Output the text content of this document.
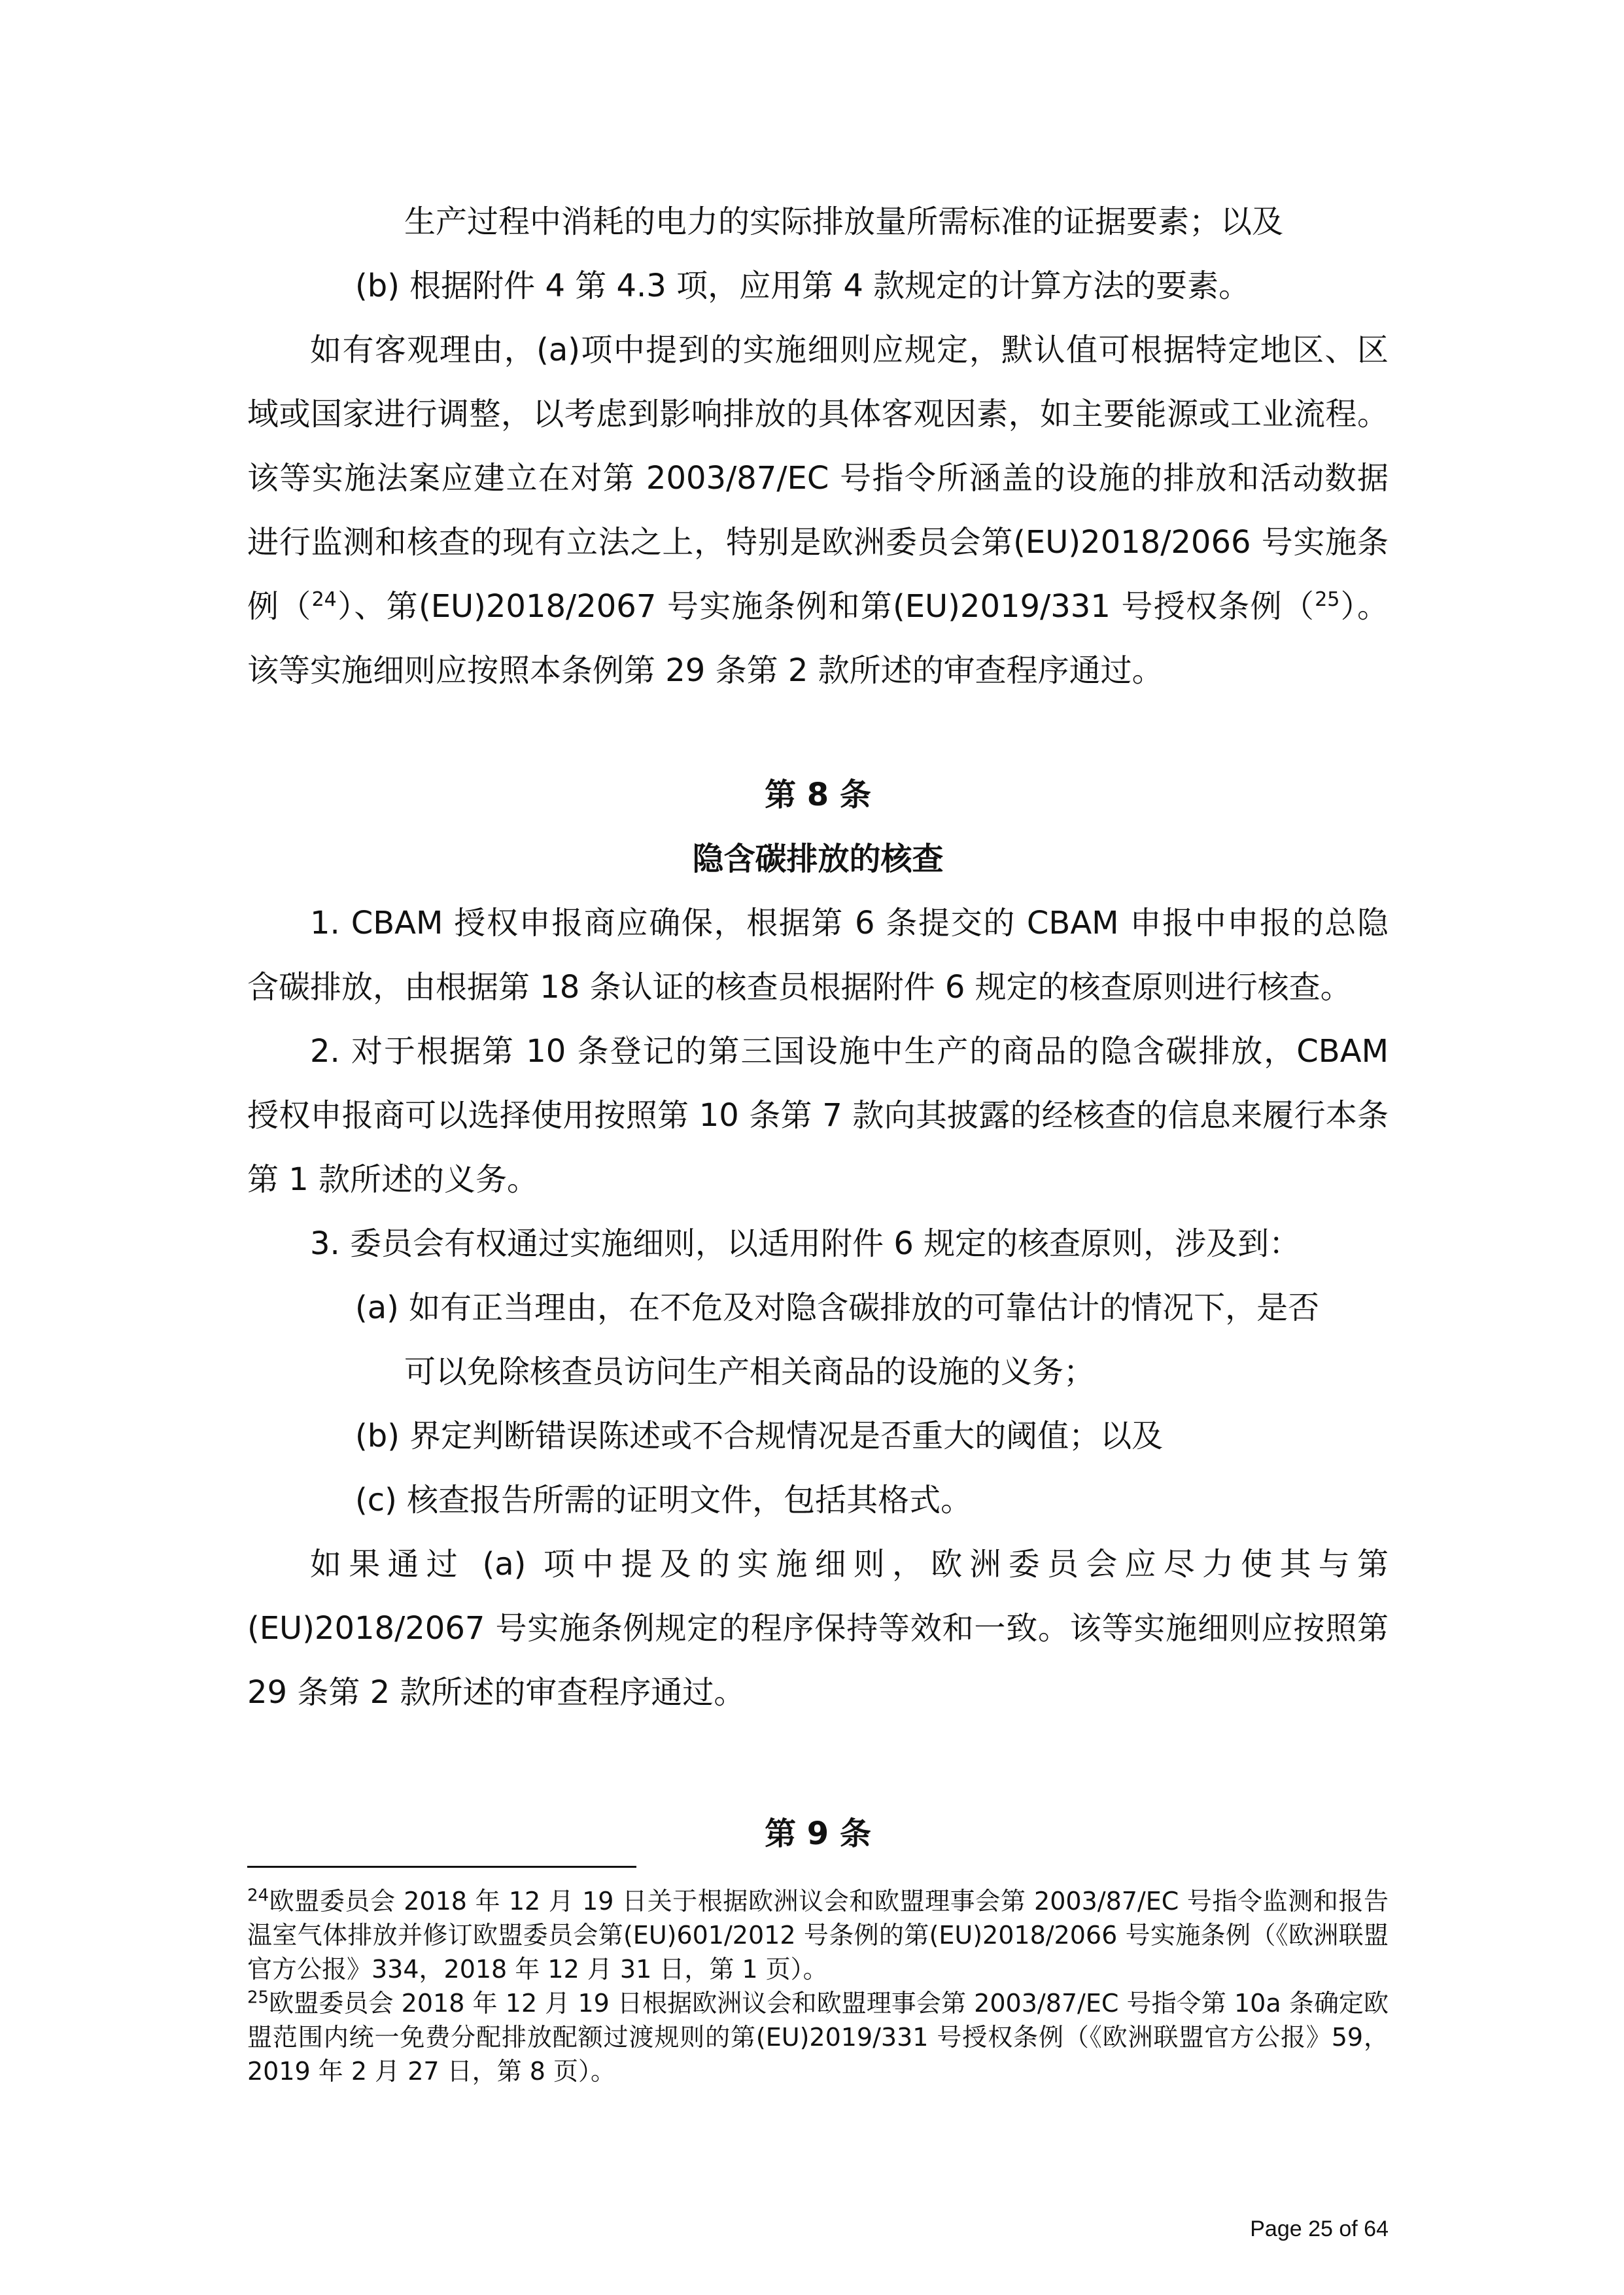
生产过程中消耗的电力的实际排放量所需标准的证据要素；以及

(b) 根据附件 4 第 4.3 项，应用第 4 款规定的计算方法的要素。

如有客观理由，(a)项中提到的实施细则应规定，默认值可根据特定地区、区域或国家进行调整，以考虑到影响排放的具体客观因素，如主要能源或工业流程。该等实施法案应建立在对第 2003/87/EC 号指令所涵盖的设施的排放和活动数据进行监测和核查的现有立法之上，特别是欧洲委员会第(EU)2018/2066 号实施条例（$^{24}$）、第(EU)2018/2067 号实施条例和第(EU)2019/331 号授权条例（$^{25}$）。该等实施细则应按照本条例第 29 条第 2 款所述的审查程序通过。

第 8 条

隐含碳排放的核查

1. CBAM 授权申报商应确保，根据第 6 条提交的 CBAM 申报中申报的总隐含碳排放，由根据第 18 条认证的核查员根据附件 6 规定的核查原则进行核查。

2. 对于根据第 10 条登记的第三国设施中生产的商品的隐含碳排放，CBAM 授权申报商可以选择使用按照第 10 条第 7 款向其披露的经核查的信息来履行本条第 1 款所述的义务。

3. 委员会有权通过实施细则，以适用附件 6 规定的核查原则，涉及到：

(a) 如有正当理由，在不危及对隐含碳排放的可靠估计的情况下，是否

可以免除核查员访问生产相关商品的设施的义务；

(b) 界定判断错误陈述或不合规情况是否重大的阈值；以及

(c) 核查报告所需的证明文件，包括其格式。

如果通过 (a) 项中提及的实施细则，欧洲委员会应尽力使其与第(EU)2018/2067 号实施条例规定的程序保持等效和一致。该等实施细则应按照第 29 条第 2 款所述的审查程序通过。

第 9 条

$^{24}$欧盟委员会 2018 年 12 月 19 日关于根据欧洲议会和欧盟理事会第 2003/87/EC 号指令监测和报告温室气体排放并修订欧盟委员会第(EU)601/2012 号条例的第(EU)2018/2066 号实施条例（《欧洲联盟官方公报》334，2018 年 12 月 31 日，第 1 页）。

$^{25}$欧盟委员会 2018 年 12 月 19 日根据欧洲议会和欧盟理事会第 2003/87/EC 号指令第 10a 条确定欧盟范围内统一免费分配排放配额过渡规则的第(EU)2019/331 号授权条例（《欧洲联盟官方公报》59，2019 年 2 月 27 日，第 8 页）。

Page 25 of 64
